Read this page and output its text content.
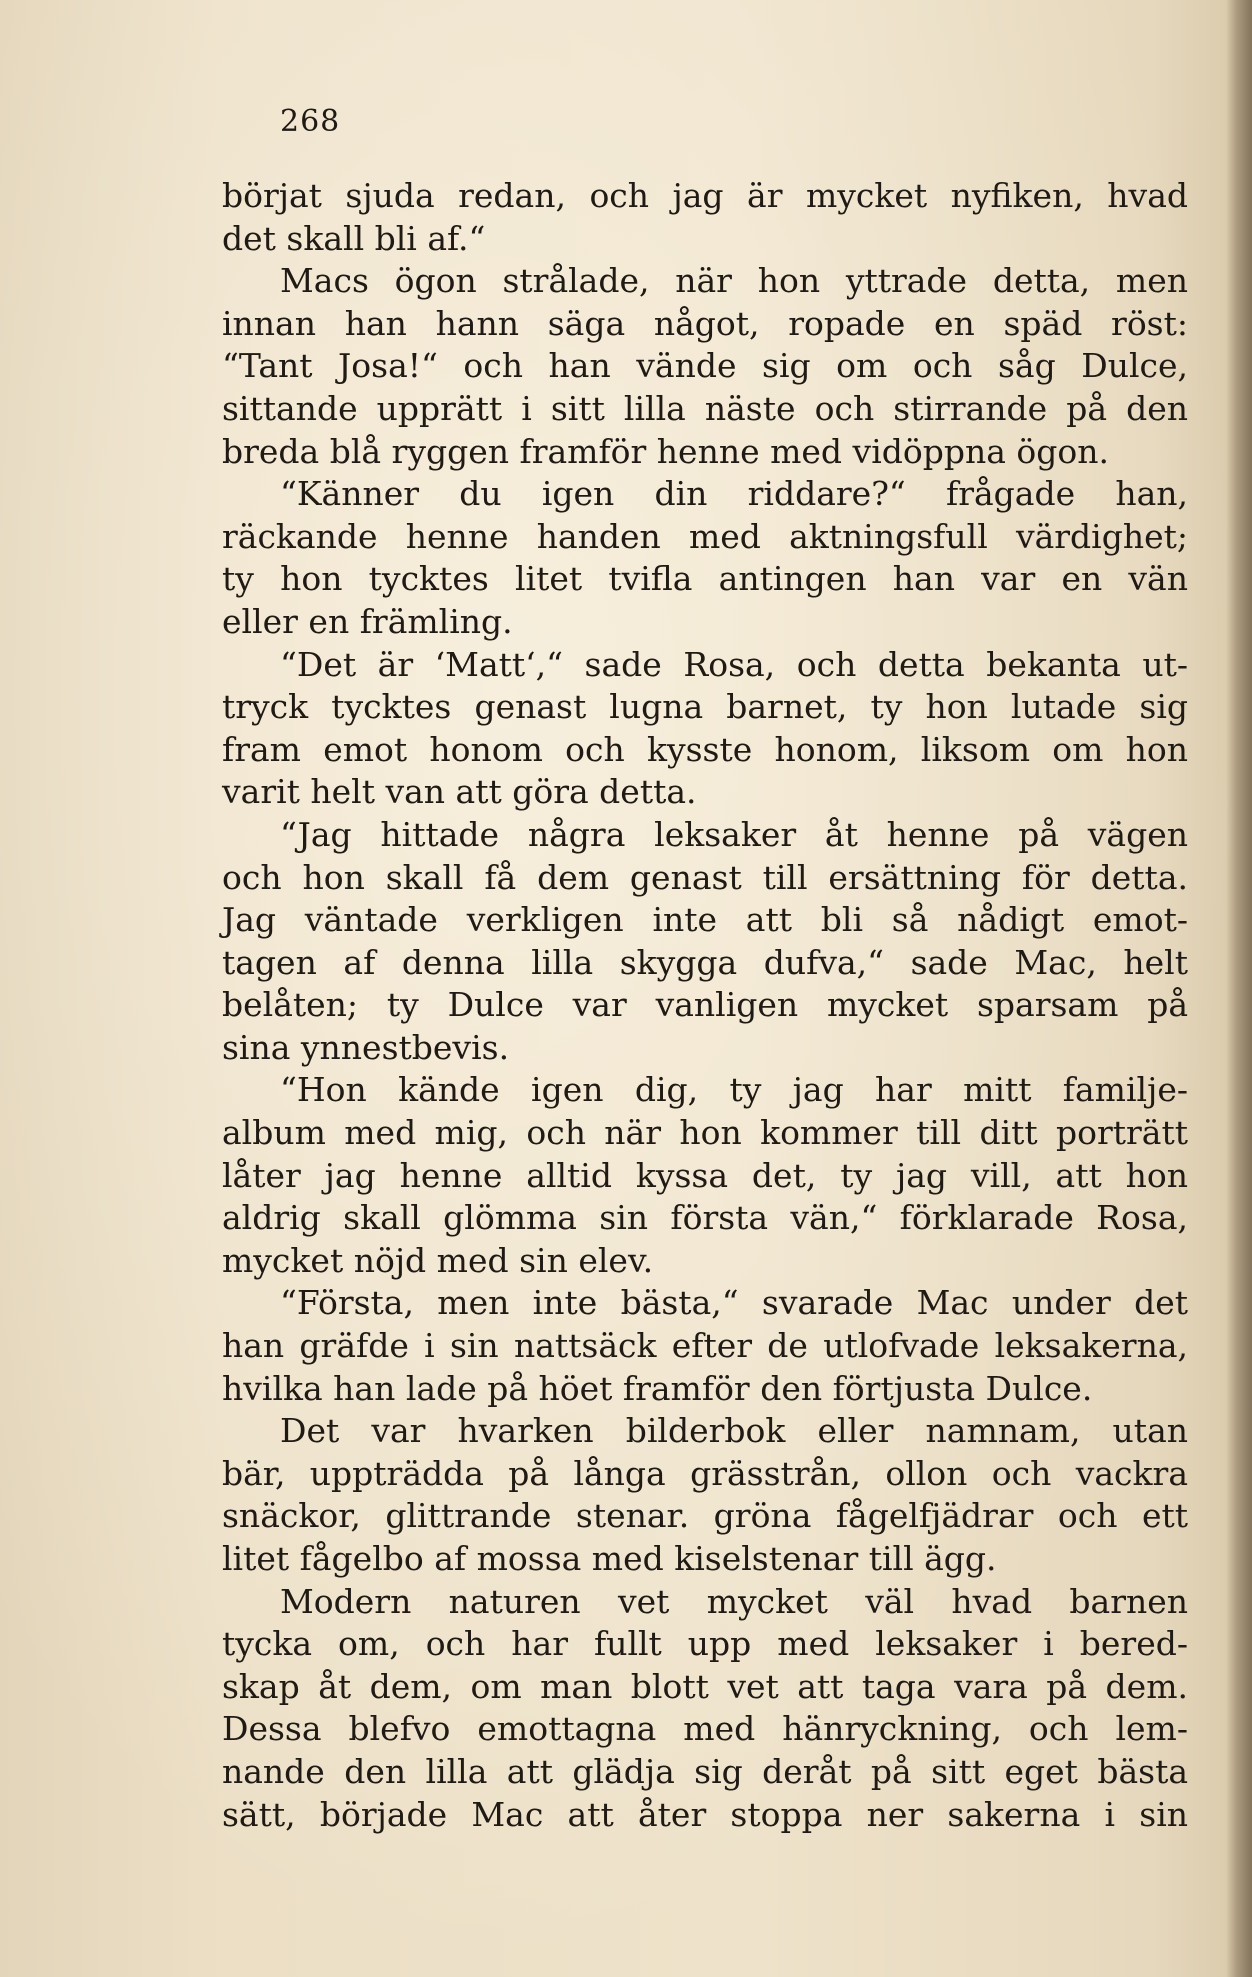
268
börjat sjuda redan, och jag är mycket nyfiken, hvad
det skall bli af.“
Macs ögon strålade, när hon yttrade detta, men
innan han hann säga något, ropade en späd röst:
“Tant Josa!“ och han vände sig om och såg Dulce,
sittande upprätt i sitt lilla näste och stirrande på den
breda blå ryggen framför henne med vidöppna ögon.
“Känner du igen din riddare?“ frågade han,
räckande henne handen med aktningsfull värdighet;
ty hon tycktes litet tvifla antingen han var en vän
eller en främling.
“Det är ‘Matt‘,“ sade Rosa, och detta bekanta ut-
tryck tycktes genast lugna barnet, ty hon lutade sig
fram emot honom och kysste honom, liksom om hon
varit helt van att göra detta.
“Jag hittade några leksaker åt henne på vägen
och hon skall få dem genast till ersättning för detta.
Jag väntade verkligen inte att bli så nådigt emot-
tagen af denna lilla skygga dufva,“ sade Mac, helt
belåten; ty Dulce var vanligen mycket sparsam på
sina ynnestbevis.
“Hon kände igen dig, ty jag har mitt familje-
album med mig, och när hon kommer till ditt porträtt
låter jag henne alltid kyssa det, ty jag vill, att hon
aldrig skall glömma sin första vän,“ förklarade Rosa,
mycket nöjd med sin elev.
“Första, men inte bästa,“ svarade Mac under det
han gräfde i sin nattsäck efter de utlofvade leksakerna,
hvilka han lade på höet framför den förtjusta Dulce.
Det var hvarken bilderbok eller namnam, utan
bär, uppträdda på långa grässtrån, ollon och vackra
snäckor, glittrande stenar. gröna fågelfjädrar och ett
litet fågelbo af mossa med kiselstenar till ägg.
Modern naturen vet mycket väl hvad barnen
tycka om, och har fullt upp med leksaker i bered-
skap åt dem, om man blott vet att taga vara på dem.
Dessa blefvo emottagna med hänryckning, och lem-
nande den lilla att glädja sig deråt på sitt eget bästa
sätt, började Mac att åter stoppa ner sakerna i sin
